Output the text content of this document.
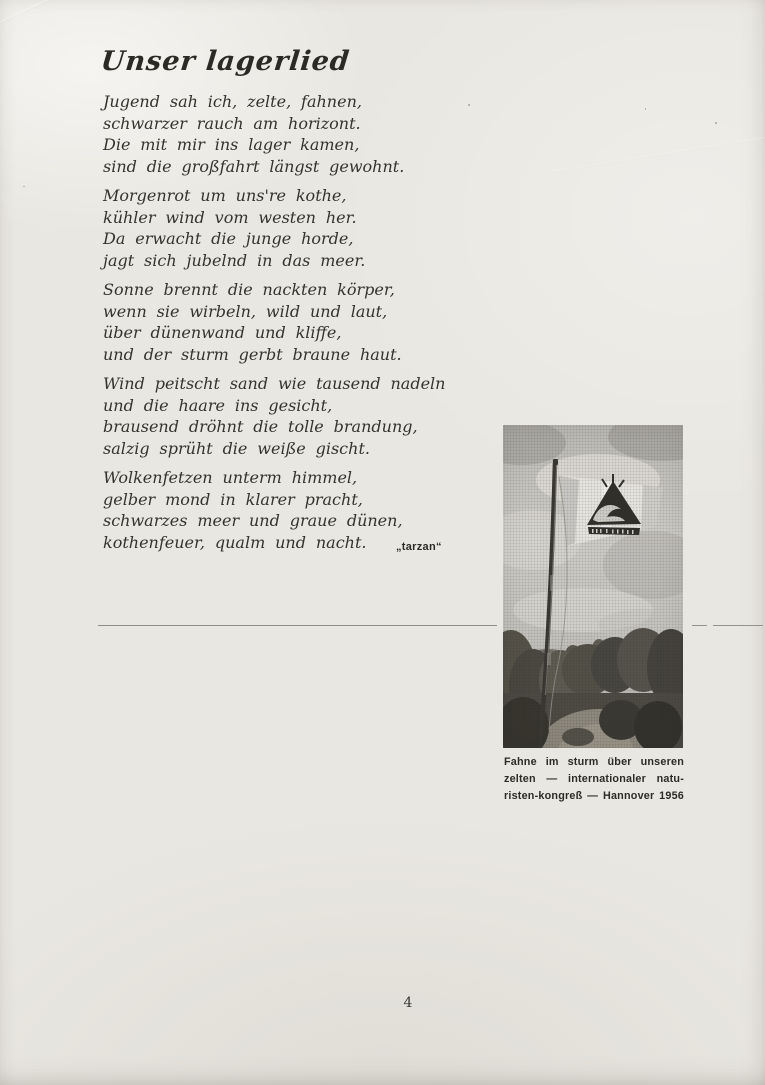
Unser lagerlied
Jugend sah ich, zelte, fahnen,
schwarzer rauch am horizont.
Die mit mir ins lager kamen,
sind die großfahrt längst gewohnt.
Morgenrot um uns're kothe,
kühler wind vom westen her.
Da erwacht die junge horde,
jagt sich jubelnd in das meer.
Sonne brennt die nackten körper,
wenn sie wirbeln, wild und laut,
über dünenwand und kliffe,
und der sturm gerbt braune haut.
Wind peitscht sand wie tausend nadeln
und die haare ins gesicht,
brausend dröhnt die tolle brandung,
salzig sprüht die weiße gischt.
Wolkenfetzen unterm himmel,
gelber mond in klarer pracht,
schwarzes meer und graue dünen,
kothenfeuer, qualm und nacht.	„tarzan“
Fahne im sturm über unseren
zelten — internationaler natu-
risten-kongreß — Hannover 1956
4
